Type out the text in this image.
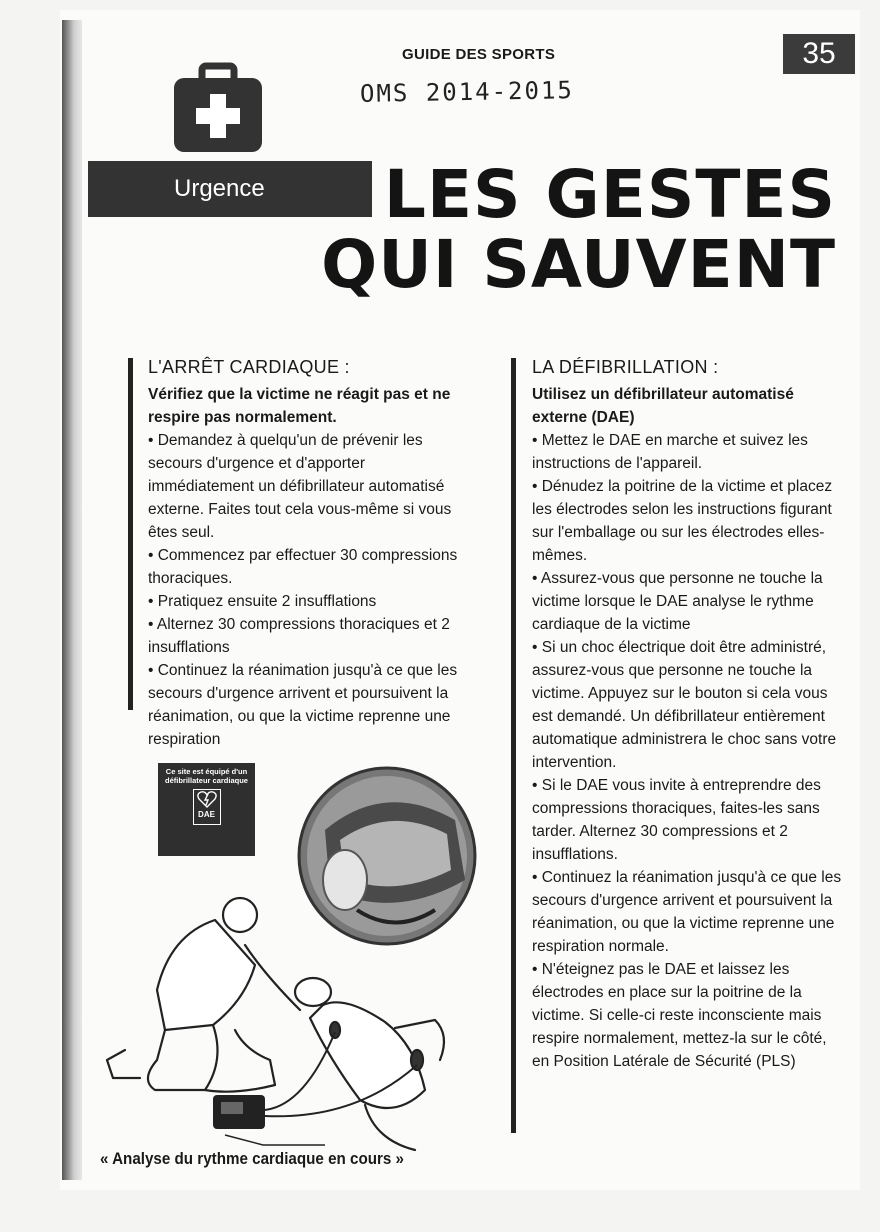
GUIDE DES SPORTS	35
OMS 2014-2015
Urgence	LES GESTES
QUI SAUVENT
L'ARRÊT CARDIAQUE :

Vérifiez que la victime ne réagit pas et ne respire pas normalement.

• Demandez à quelqu'un de prévenir les secours d'urgence et d'apporter immédiatement un défibrillateur automatisé externe. Faites tout cela vous-même si vous êtes seul.

• Commencez par effectuer 30 compressions thoraciques.

• Pratiquez ensuite 2 insufflations

• Alternez 30 compressions thoraciques et 2 insufflations

• Continuez la réanimation jusqu'à ce que les secours d'urgence arrivent et poursuivent la réanimation, ou que la victime reprenne une respiration

LA DÉFIBRILLATION :

Utilisez un défibrillateur automatisé externe (DAE)

• Mettez le DAE en marche et suivez les instructions de l'appareil.

• Dénudez la poitrine de la victime et placez les électrodes selon les instructions figurant sur l'emballage ou sur les électrodes elles-mêmes.

• Assurez-vous que personne ne touche la victime lorsque le DAE analyse le rythme cardiaque de la victime

• Si un choc électrique doit être administré, assurez-vous que personne ne touche la victime. Appuyez sur le bouton si cela vous est demandé. Un défibrillateur entièrement automatique administrera le choc sans votre intervention.

• Si le DAE vous invite à entreprendre des compressions thoraciques, faites-les sans tarder. Alternez 30 compressions et 2 insufflations.

• Continuez la réanimation jusqu'à ce que les secours d'urgence arrivent et poursuivent la réanimation, ou que la victime reprenne une respiration normale.

• N'éteignez pas le DAE et laissez les électrodes en place sur la poitrine de la victime. Si celle-ci reste inconsciente mais respire normalement, mettez-la sur le côté, en Position Latérale de Sécurité (PLS)

Ce site est équipé d'un défibrillateur cardiaque
DAE
« Analyse du rythme cardiaque en cours »
